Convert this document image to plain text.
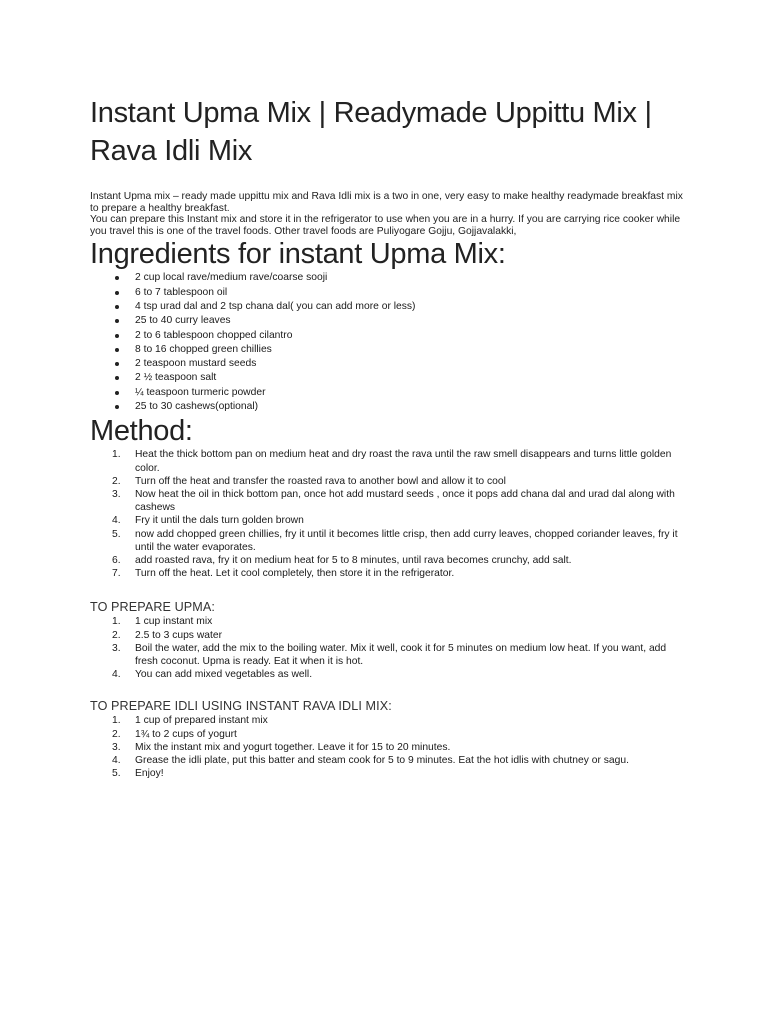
Instant Upma Mix | Readymade Uppittu Mix | Rava Idli Mix

Instant Upma mix – ready made uppittu mix and Rava Idli mix is a two in one, very easy to make healthy readymade breakfast mix to prepare a healthy breakfast.

You can prepare this Instant mix and store it in the refrigerator to use when you are in a hurry. If you are carrying rice cooker while you travel this is one of the travel foods. Other travel foods are Puliyogare Gojju, Gojjavalakki,

Ingredients for instant Upma Mix:
2 cup local rave/medium rave/coarse sooji
6 to 7 tablespoon oil
4 tsp urad dal and 2 tsp chana dal( you can add more or less)
25 to 40 curry leaves
2 to 6 tablespoon chopped cilantro
8 to 16 chopped green chillies
2 teaspoon mustard seeds
2 ½ teaspoon salt
¼ teaspoon turmeric powder
25 to 30 cashews(optional)
Method:
1. Heat the thick bottom pan on medium heat and dry roast the rava until the raw smell disappears and turns little golden color.
2. Turn off the heat and transfer the roasted rava to another bowl and allow it to cool
3. Now heat the oil in thick bottom pan, once hot add mustard seeds , once it pops add chana dal and urad dal along with cashews
4. Fry it until the dals turn golden brown
5. now add chopped green chillies, fry it until it becomes little crisp, then add curry leaves, chopped coriander leaves, fry it until the water evaporates.
6. add roasted rava, fry it on medium heat for 5 to 8 minutes, until rava becomes crunchy, add salt.
7. Turn off the heat. Let it cool completely, then store it in the refrigerator.
TO PREPARE UPMA:
1. 1 cup instant mix
2. 2.5 to 3 cups water
3. Boil the water, add the mix to the boiling water. Mix it well, cook it for 5 minutes on medium low heat. If you want, add fresh coconut. Upma is ready. Eat it when it is hot.
4. You can add mixed vegetables as well.
TO PREPARE IDLI USING INSTANT RAVA IDLI MIX:
1. 1 cup of prepared instant mix
2. 1¾ to 2 cups of yogurt
3. Mix the instant mix and yogurt together. Leave it for 15 to 20 minutes.
4. Grease the idli plate, put this batter and steam cook for 5 to 9 minutes. Eat the hot idlis with chutney or sagu.
5. Enjoy!
